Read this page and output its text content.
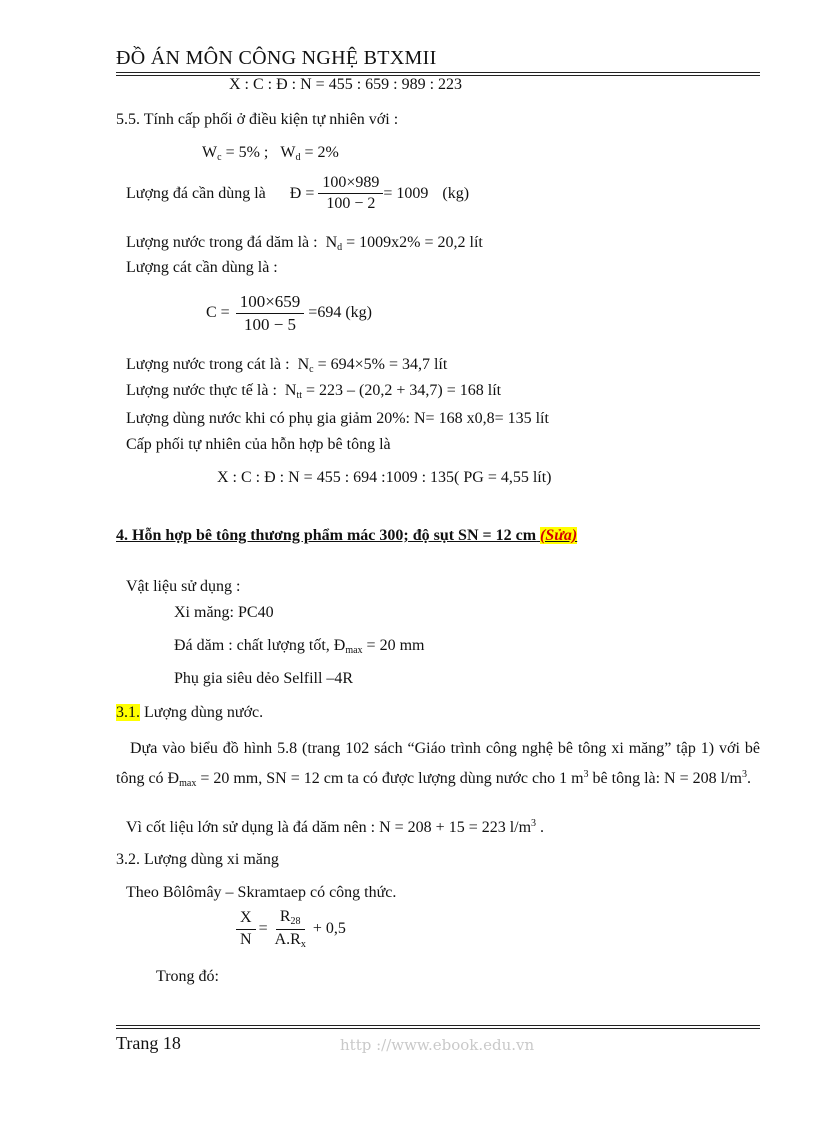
ĐỒ ÁN MÔN CÔNG NGHỆ BTXMII
X : C : Đ : N = 455 : 659 : 989 : 223
5.5. Tính cấp phối ở điều kiện tự nhiên với :
$W_c = 5\%$ ; $W_d = 2\%$
Lượng đá cần dùng là Đ = $\frac{100\times 989}{100 - 2} = 1009$ (kg)
Lượng nước trong đá dăm là : $N_d = 1009x2\% = 20,2$ lít
Lượng cát cần dùng là :
$C = \frac{100\times 659}{100 - 5} =694$ (kg)
Lượng nước trong cát là : $N_c = 694\times 5\% = 34,7$ lít
Lượng nước thực tế là : $N_{tt} = 223 - (20,2 + 34,7) = 168$ lít
Lượng dùng nước khi có phụ gia giảm 20%: N= 168 x0,8= 135 lít
Cấp phối tự nhiên của hỗn hợp bê tông là
X : C : Đ : N = 455 : 694 :1009 : 135( PG = 4,55 lít)
4. Hỗn hợp bê tông thương phẩm mác 300; độ sụt SN = 12 cm (Sửa)
Vật liệu sử dụng :
Xi măng: PC40
Đá dăm : chất lượng tốt, $Đ_{max} = 20$ mm
Phụ gia siêu dẻo Selfill –4R
3.1. Lượng dùng nước.
Dựa vào biểu đồ hình 5.8 (trang 102 sách “Giáo trình công nghệ bê tông xi măng” tập 1) với bê tông có $Đ_{max} = 20$ mm, SN = 12 cm ta có được lượng dùng nước cho 1 $m^3$ bê tông là: N = 208 $l/m^3$.
Vì cốt liệu lớn sử dụng là đá dăm nên : N = 208 + 15 = 223 $l/m^3$ .
3.2. Lượng dùng xi măng
Theo Bôlômây – Skramtaep có công thức.
$\frac{X}{N} = \frac{R_{28}}{A.R_x} + 0,5$
Trong đó:
Trang 18	http ://www.ebook.edu.vn
